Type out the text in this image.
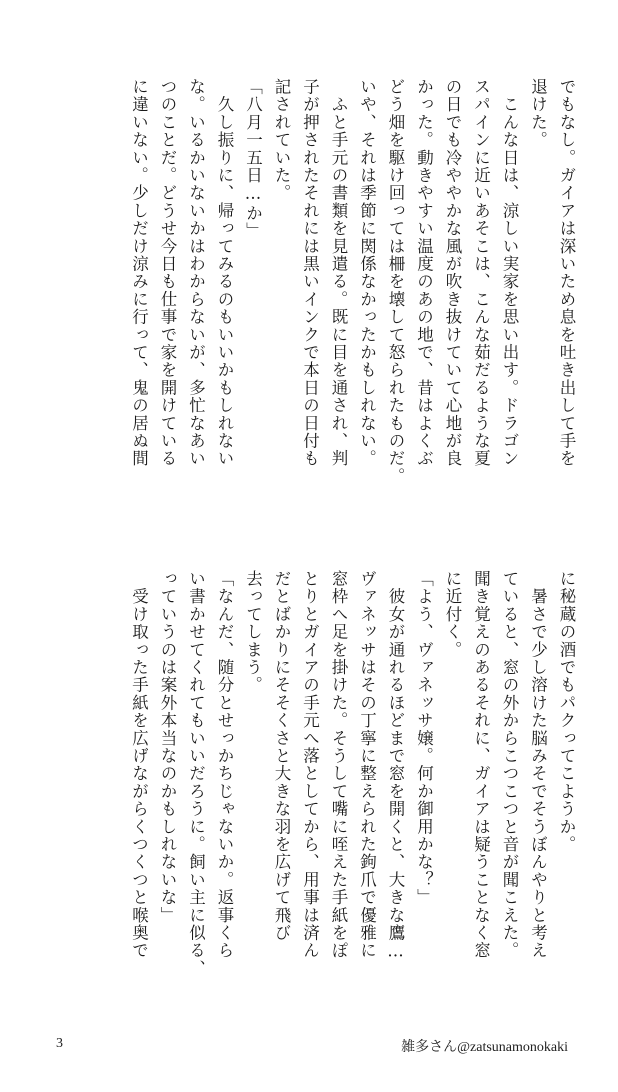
でもなし。ガイアは深いため息を吐き出して手を
退けた。

　こんな日は、涼しい実家を思い出す。ドラゴン
スパインに近いあそこは、こんな茹だるような夏
の日でも冷ややかな風が吹き抜けていて心地が良
かった。動きやすい温度のあの地で、昔はよくぶ
どう畑を駆け回っては柵を壊して怒られたものだ。
いや、それは季節に関係なかったかもしれない。

　ふと手元の書類を見遣る。既に目を通され、判
子が押されたそれには黒いインクで本日の日付も
記されていた。

「八月一五日…か」

　久し振りに、帰ってみるのもいいかもしれない
な。いるかいないかはわからないが、多忙なあい
つのことだ。どうせ今日も仕事で家を開けている
に違いない。少しだけ涼みに行って、鬼の居ぬ間

に秘蔵の酒でもパクってこようか。

　暑さで少し溶けた脳みそでそうぼんやりと考え
ていると、窓の外からこつこつと音が聞こえた。
聞き覚えのあるそれに、ガイアは疑うことなく窓
に近付く。

「よう、ヴァネッサ嬢。何か御用かな？」

　彼女が通れるほどまで窓を開くと、大きな鷹…
ヴァネッサはその丁寧に整えられた鉤爪で優雅に
窓枠へ足を掛けた。そうして嘴に咥えた手紙をぽ
とりとガイアの手元へ落としてから、用事は済ん
だとばかりにそそくさと大きな羽を広げて飛び
去ってしまう。

「なんだ、随分とせっかちじゃないか。返事くら
い書かせてくれてもいいだろうに。飼い主に似る、
っていうのは案外本当なのかもしれないな」

　受け取った手紙を広げながらくつくつと喉奥で

3	雑多さん@zatsunamonokaki
